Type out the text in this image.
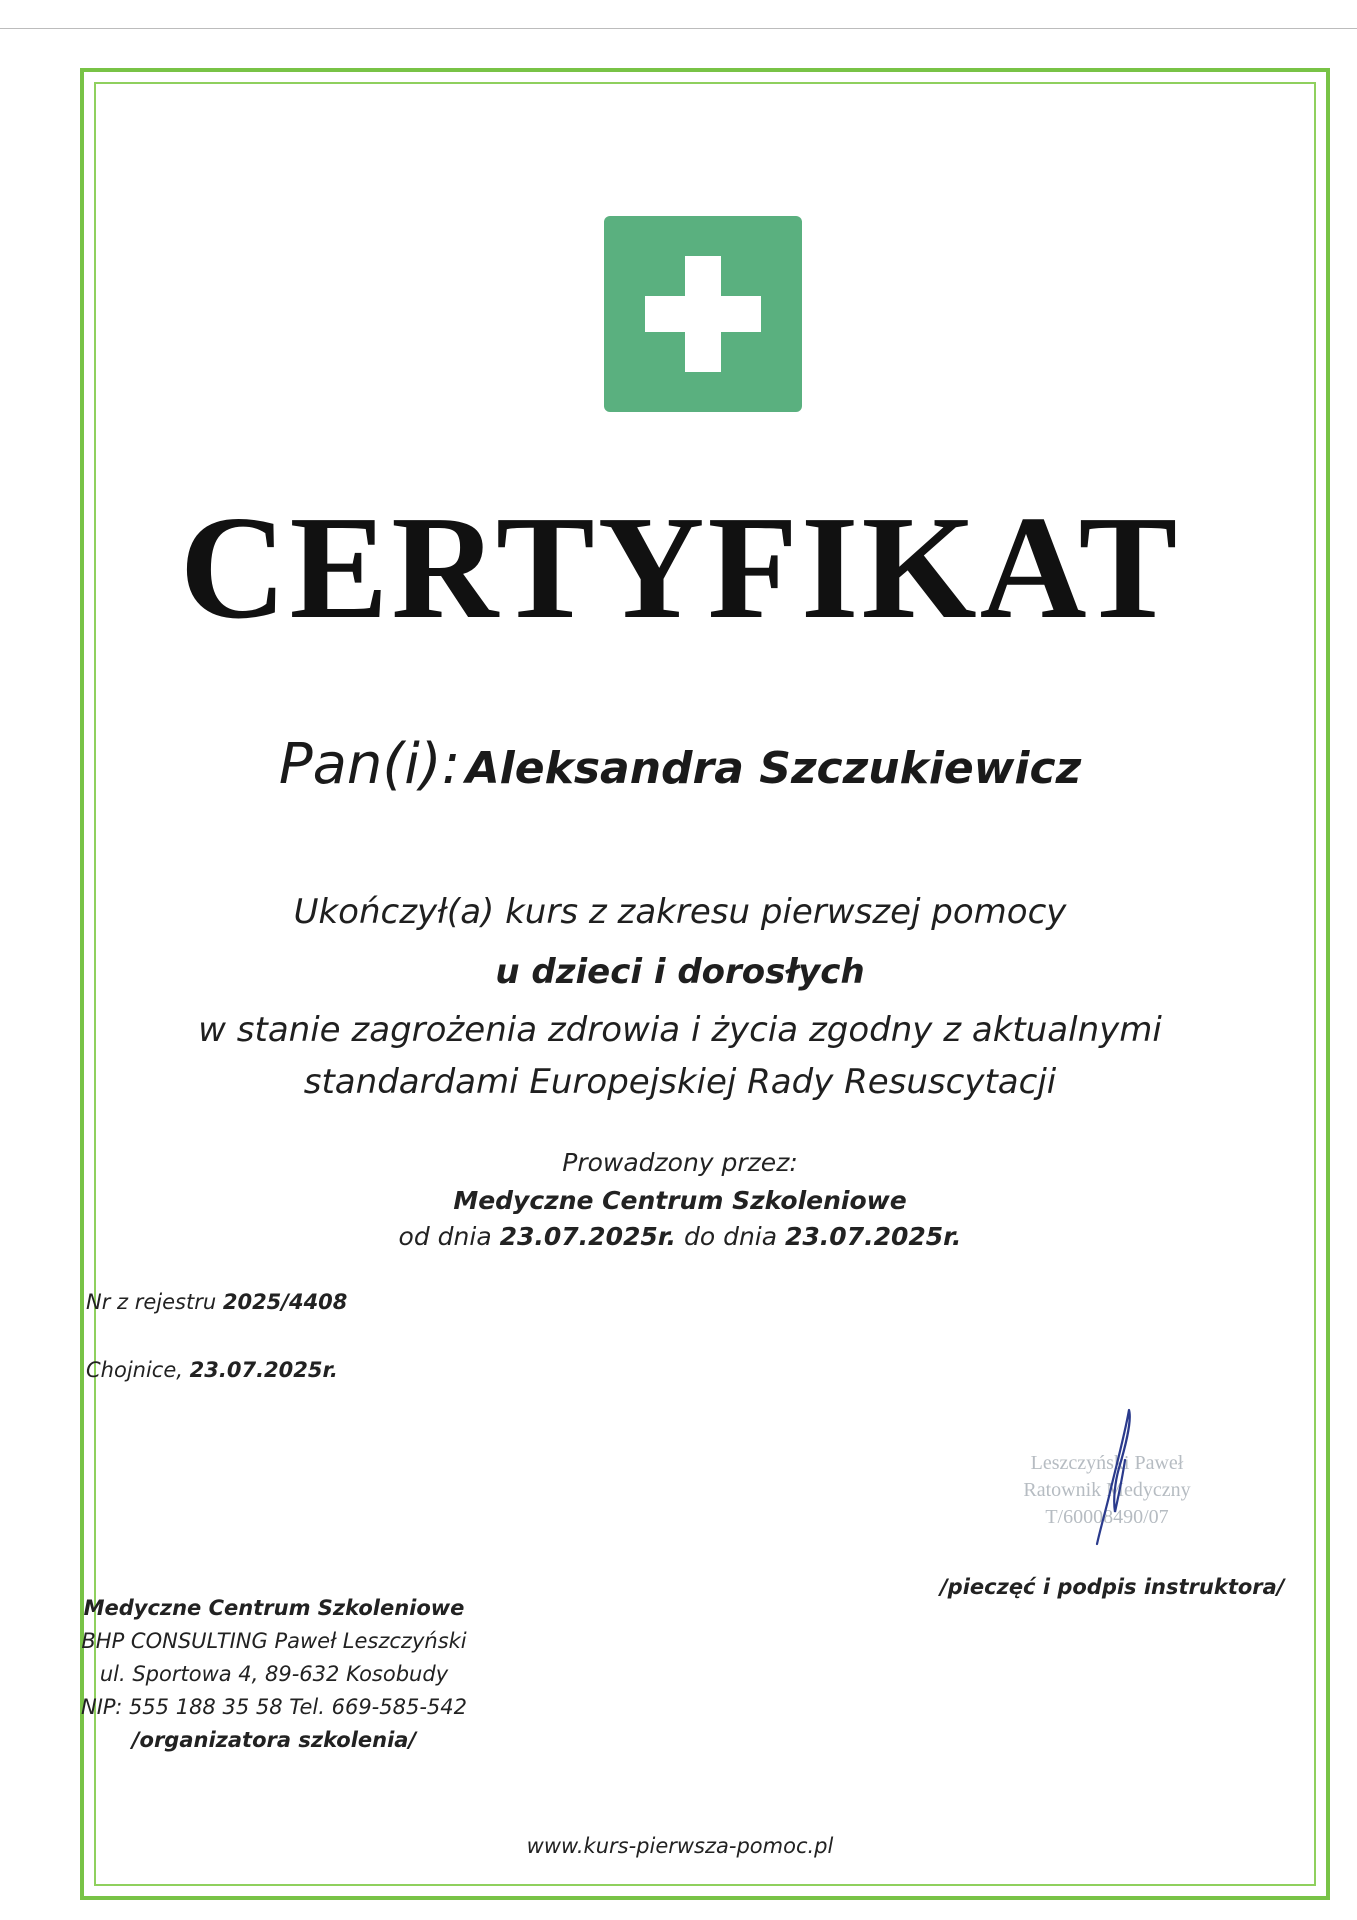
CERTYFIKAT
Pan(i): Aleksandra Szczukiewicz
Ukończył(a) kurs z zakresu pierwszej pomocy
u dzieci i dorosłych
w stanie zagrożenia zdrowia i życia zgodny z aktualnymi
standardami Europejskiej Rady Resuscytacji
Prowadzony przez:
Medyczne Centrum Szkoleniowe
od dnia 23.07.2025r. do dnia 23.07.2025r.
Nr z rejestru 2025/4408
Chojnice, 23.07.2025r.
Leszczyński Paweł
Ratownik Medyczny
T/60008490/07
/pieczęć i podpis instruktora/
Medyczne Centrum Szkoleniowe
BHP CONSULTING Paweł Leszczyński
ul. Sportowa 4, 89-632 Kosobudy
NIP: 555 188 35 58 Tel. 669-585-542
/organizatora szkolenia/
www.kurs-pierwsza-pomoc.pl
